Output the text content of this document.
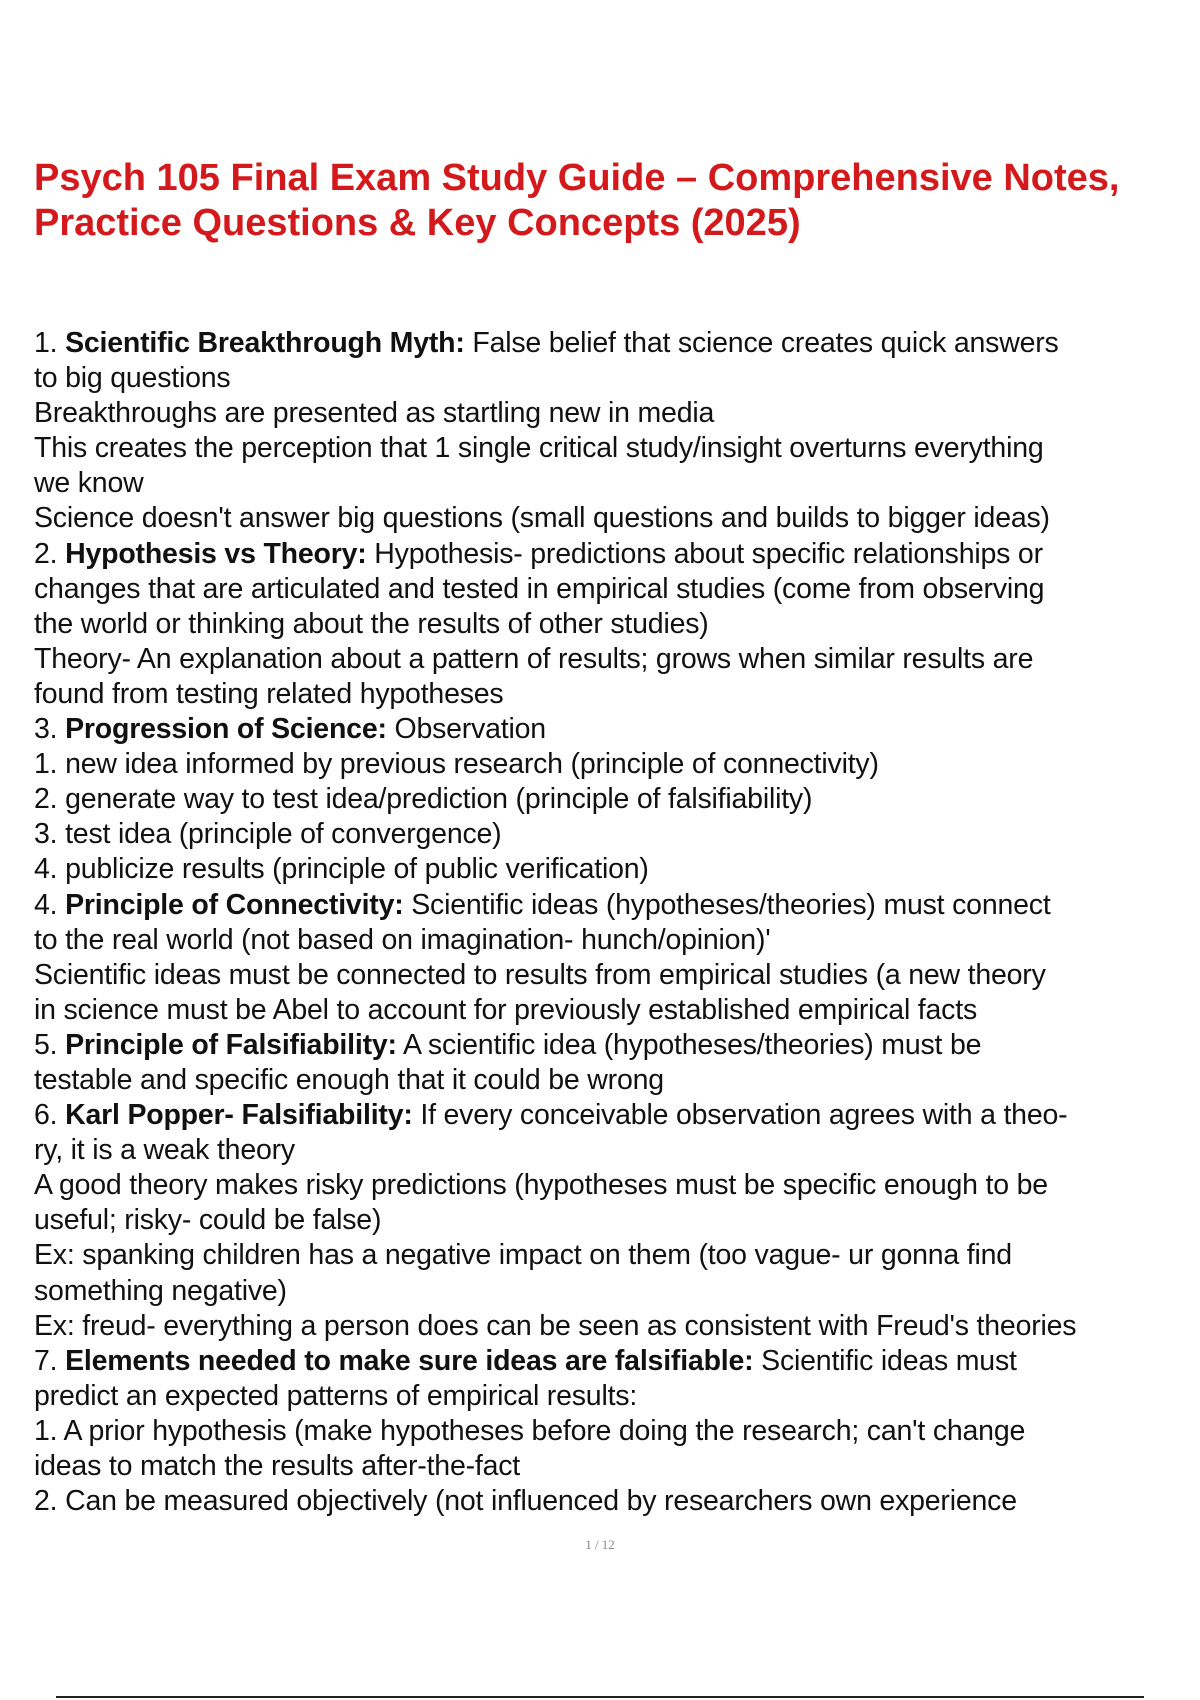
Psych 105 Final Exam Study Guide – Comprehensive Notes,
Practice Questions & Key Concepts (2025)
1. Scientific Breakthrough Myth: False belief that science creates quick answers
to big questions
Breakthroughs are presented as startling new in media
This creates the perception that 1 single critical study/insight overturns everything
we know
Science doesn't answer big questions (small questions and builds to bigger ideas)
2. Hypothesis vs Theory: Hypothesis- predictions about specific relationships or
changes that are articulated and tested in empirical studies (come from observing
the world or thinking about the results of other studies)
Theory- An explanation about a pattern of results; grows when similar results are
found from testing related hypotheses
3. Progression of Science: Observation
1. new idea informed by previous research (principle of connectivity)
2. generate way to test idea/prediction (principle of falsifiability)
3. test idea (principle of convergence)
4. publicize results (principle of public verification)
4. Principle of Connectivity: Scientific ideas (hypotheses/theories) must connect
to the real world (not based on imagination- hunch/opinion)'
Scientific ideas must be connected to results from empirical studies (a new theory
in science must be Abel to account for previously established empirical facts
5. Principle of Falsifiability: A scientific idea (hypotheses/theories) must be
testable and specific enough that it could be wrong
6. Karl Popper- Falsifiability: If every conceivable observation agrees with a theo-
ry, it is a weak theory
A good theory makes risky predictions (hypotheses must be specific enough to be
useful; risky- could be false)
Ex: spanking children has a negative impact on them (too vague- ur gonna find
something negative)
Ex: freud- everything a person does can be seen as consistent with Freud's theories
7. Elements needed to make sure ideas are falsifiable: Scientific ideas must
predict an expected patterns of empirical results:
1. A prior hypothesis (make hypotheses before doing the research; can't change
ideas to match the results after-the-fact
2. Can be measured objectively (not influenced by researchers own experience
1 / 12
